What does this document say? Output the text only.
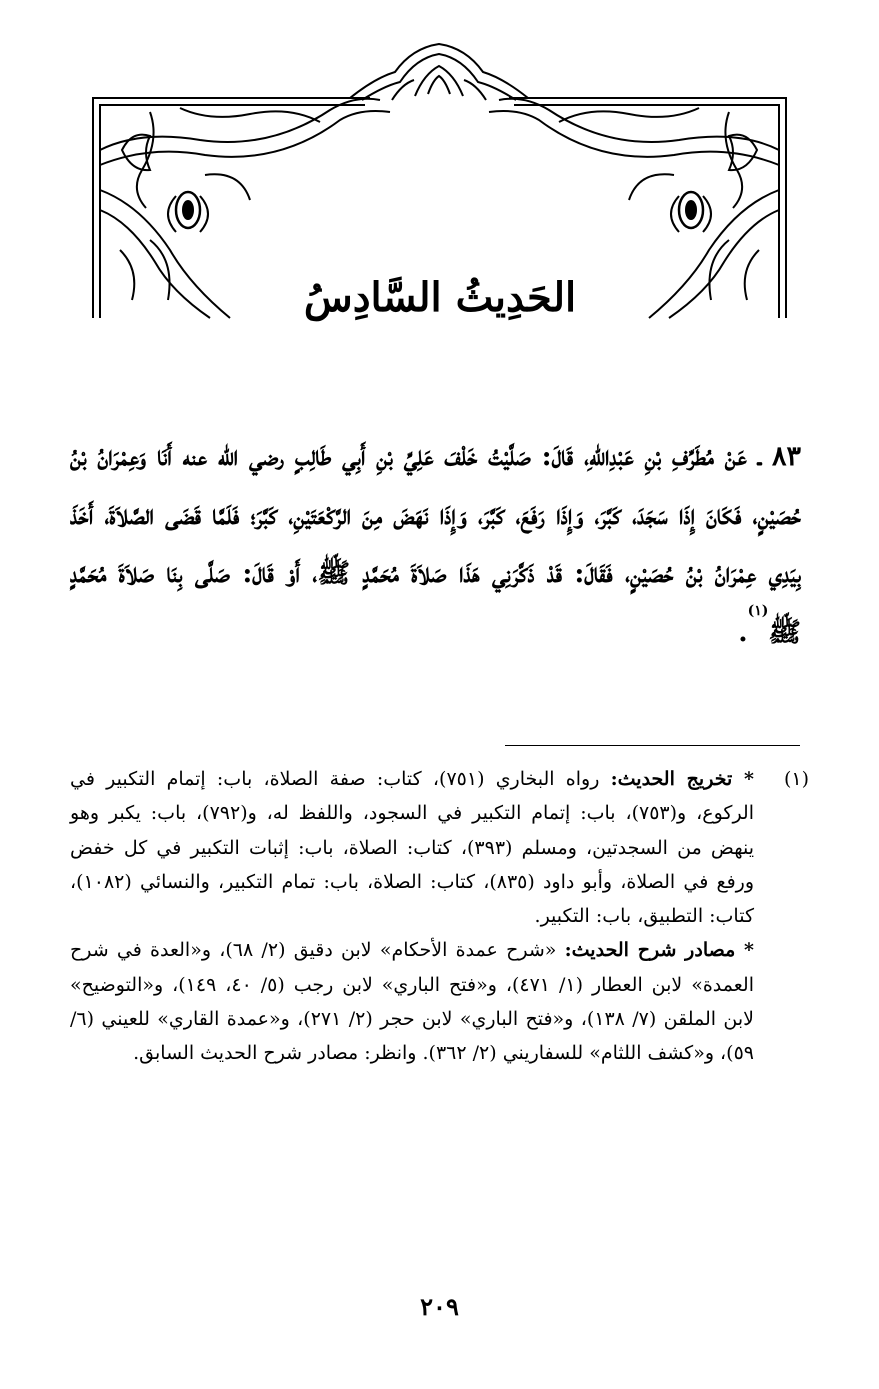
الحَدِيثُ السَّادِسُ

٨٣ ـ عَنْ مُطَرِّفِ بْنِ عَبْدِاللهِ، قَالَ: صَلَّيْتُ خَلْفَ عَلِيِّ بْنِ أَبِي طَالِبٍ رضي الله عنه أَنَا وَعِمْرَانُ بْنُ حُصَيْنٍ، فَكَانَ إِذَا سَجَدَ، كَبَّرَ، وَإِذَا رَفَعَ، كَبَّرَ، وَإِذَا نَهَضَ مِنَ الرَّكْعَتَيْنِ، كَبَّرَ؛ فَلَمَّا قَضَى الصَّلاَةَ، أَخَذَ بِيَدِي عِمْرَانُ بْنُ حُصَيْنٍ، فَقَالَ: قَدْ ذَكَّرَنِي هَذَا صَلاَةَ مُحَمَّدٍ ﷺ، أَوْ قَالَ: صَلَّى بِنَا صَلاَةَ مُحَمَّدٍ ﷺ$^{(١)}$.

(١)

* تخريج الحديث: رواه البخاري (٧٥١)، كتاب: صفة الصلاة، باب: إتمام التكبير في الركوع، و(٧٥٣)، باب: إتمام التكبير في السجود، واللفظ له، و(٧٩٢)، باب: يكبر وهو ينهض من السجدتين، ومسلم (٣٩٣)، كتاب: الصلاة، باب: إثبات التكبير في كل خفض ورفع في الصلاة، وأبو داود (٨٣٥)، كتاب: الصلاة، باب: تمام التكبير، والنسائي (١٠٨٢)، كتاب: التطبيق، باب: التكبير.

* مصادر شرح الحديث: «شرح عمدة الأحكام» لابن دقيق (٢/ ٦٨)، و«العدة في شرح العمدة» لابن العطار (١/ ٤٧١)، و«فتح الباري» لابن رجب (٥/ ٤٠، ١٤٩)، و«التوضيح» لابن الملقن (٧/ ١٣٨)، و«فتح الباري» لابن حجر (٢/ ٢٧١)، و«عمدة القاري» للعيني (٦/ ٥٩)، و«كشف اللثام» للسفاريني (٢/ ٣٦٢). وانظر: مصادر شرح الحديث السابق.

٢٠٩
